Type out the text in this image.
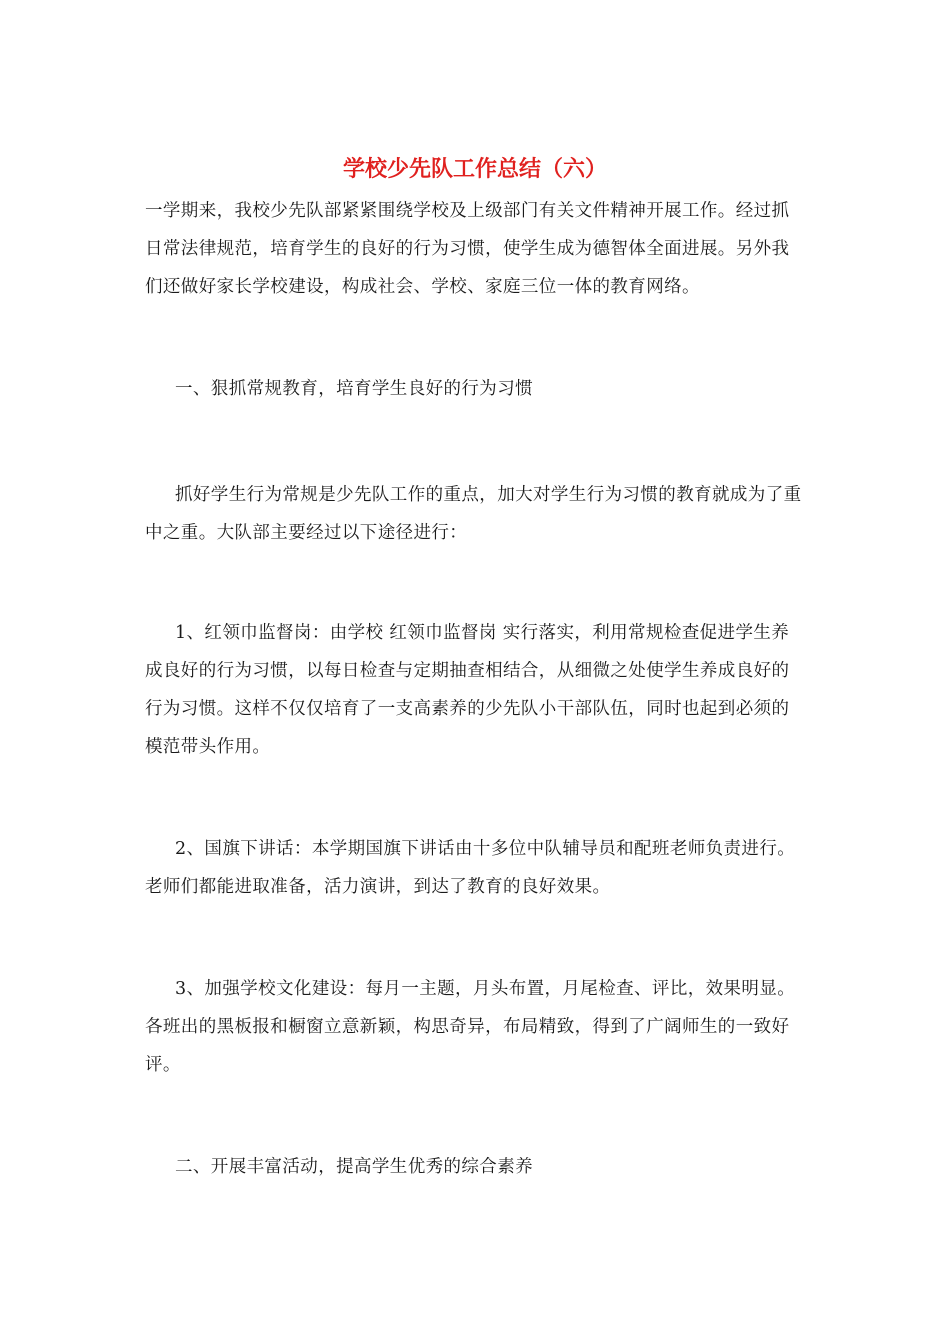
学校少先队工作总结（六）

一学期来，我校少先队部紧紧围绕学校及上级部门有关文件精神开展工作。经过抓日常法律规范，培育学生的良好的行为习惯，使学生成为德智体全面进展。另外我们还做好家长学校建设，构成社会、学校、家庭三位一体的教育网络。

一、狠抓常规教育，培育学生良好的行为习惯

抓好学生行为常规是少先队工作的重点，加大对学生行为习惯的教育就成为了重中之重。大队部主要经过以下途径进行：

1、红领巾监督岗：由学校 红领巾监督岗 实行落实，利用常规检查促进学生养成良好的行为习惯，以每日检查与定期抽查相结合，从细微之处使学生养成良好的行为习惯。这样不仅仅培育了一支高素养的少先队小干部队伍，同时也起到必须的模范带头作用。

2、国旗下讲话：本学期国旗下讲话由十多位中队辅导员和配班老师负责进行。老师们都能进取准备，活力演讲，到达了教育的良好效果。

3、加强学校文化建设：每月一主题，月头布置，月尾检查、评比，效果明显。各班出的黑板报和橱窗立意新颖，构思奇异，布局精致，得到了广阔师生的一致好评。

二、开展丰富活动，提高学生优秀的综合素养
